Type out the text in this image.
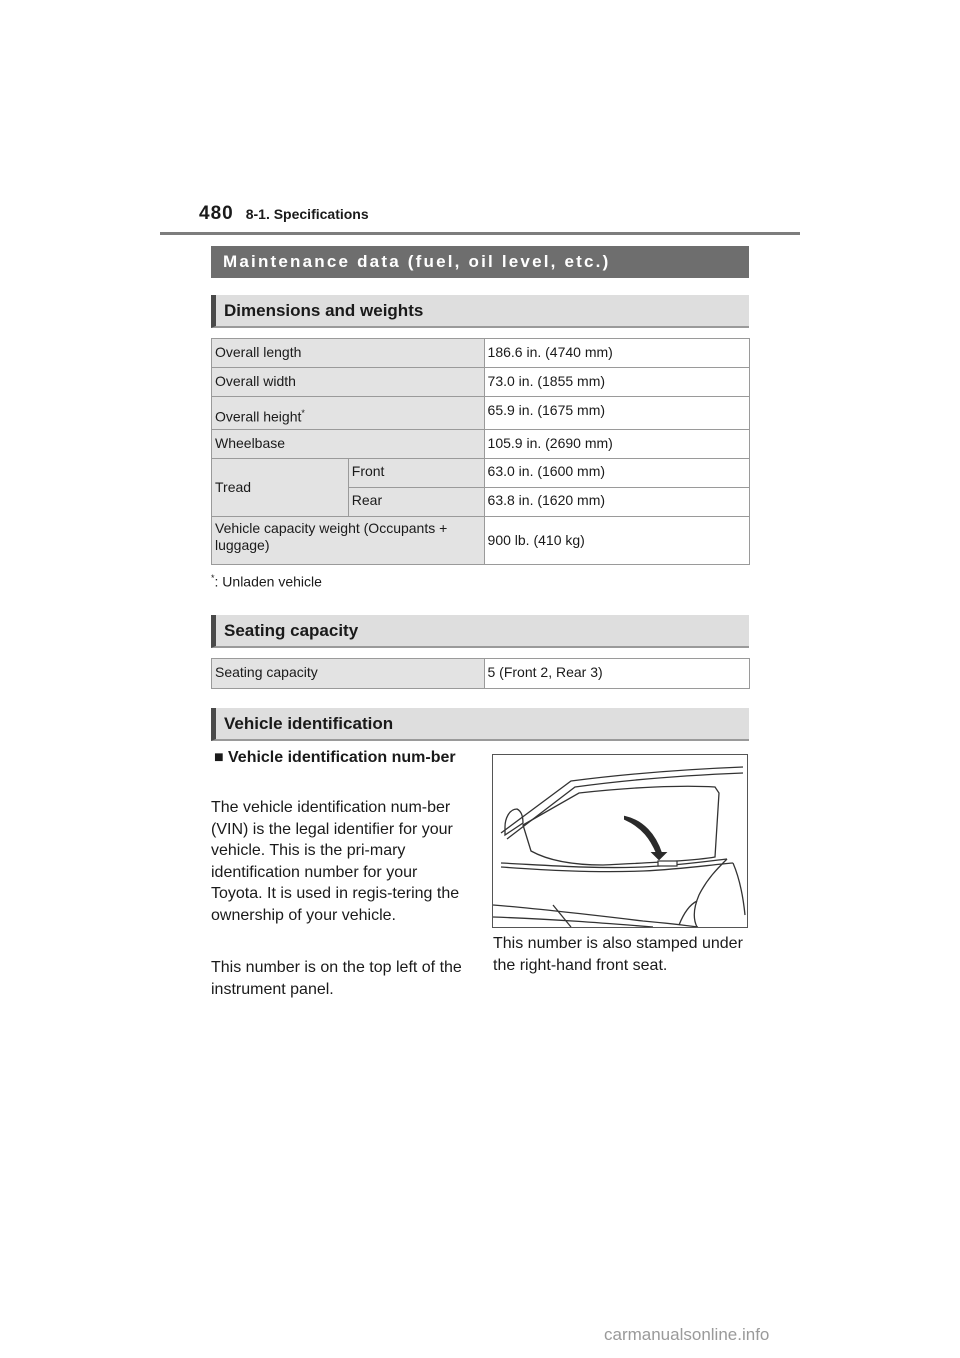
480 8-1. Specifications
Maintenance data (fuel, oil level, etc.)
Dimensions and weights
Overall length		186.6 in. (4740 mm)
Overall width		73.0 in. (1855 mm)
Overall height*		65.9 in. (1675 mm)
Wheelbase		105.9 in. (2690 mm)
Tread	Front	63.0 in. (1600 mm)
	Rear	63.8 in. (1620 mm)
Vehicle capacity weight (Occupants + luggage)		900 lb. (410 kg)
*: Unladen vehicle
Seating capacity
Seating capacity	5 (Front 2, Rear 3)
Vehicle identification
■ Vehicle identification num-ber
The vehicle identification num-ber (VIN) is the legal identifier for your vehicle. This is the pri-mary identification number for your Toyota. It is used in regis-tering the ownership of your vehicle.
This number is on the top left of the instrument panel.
This number is also stamped under the right-hand front seat.
carmanualsonline.info
